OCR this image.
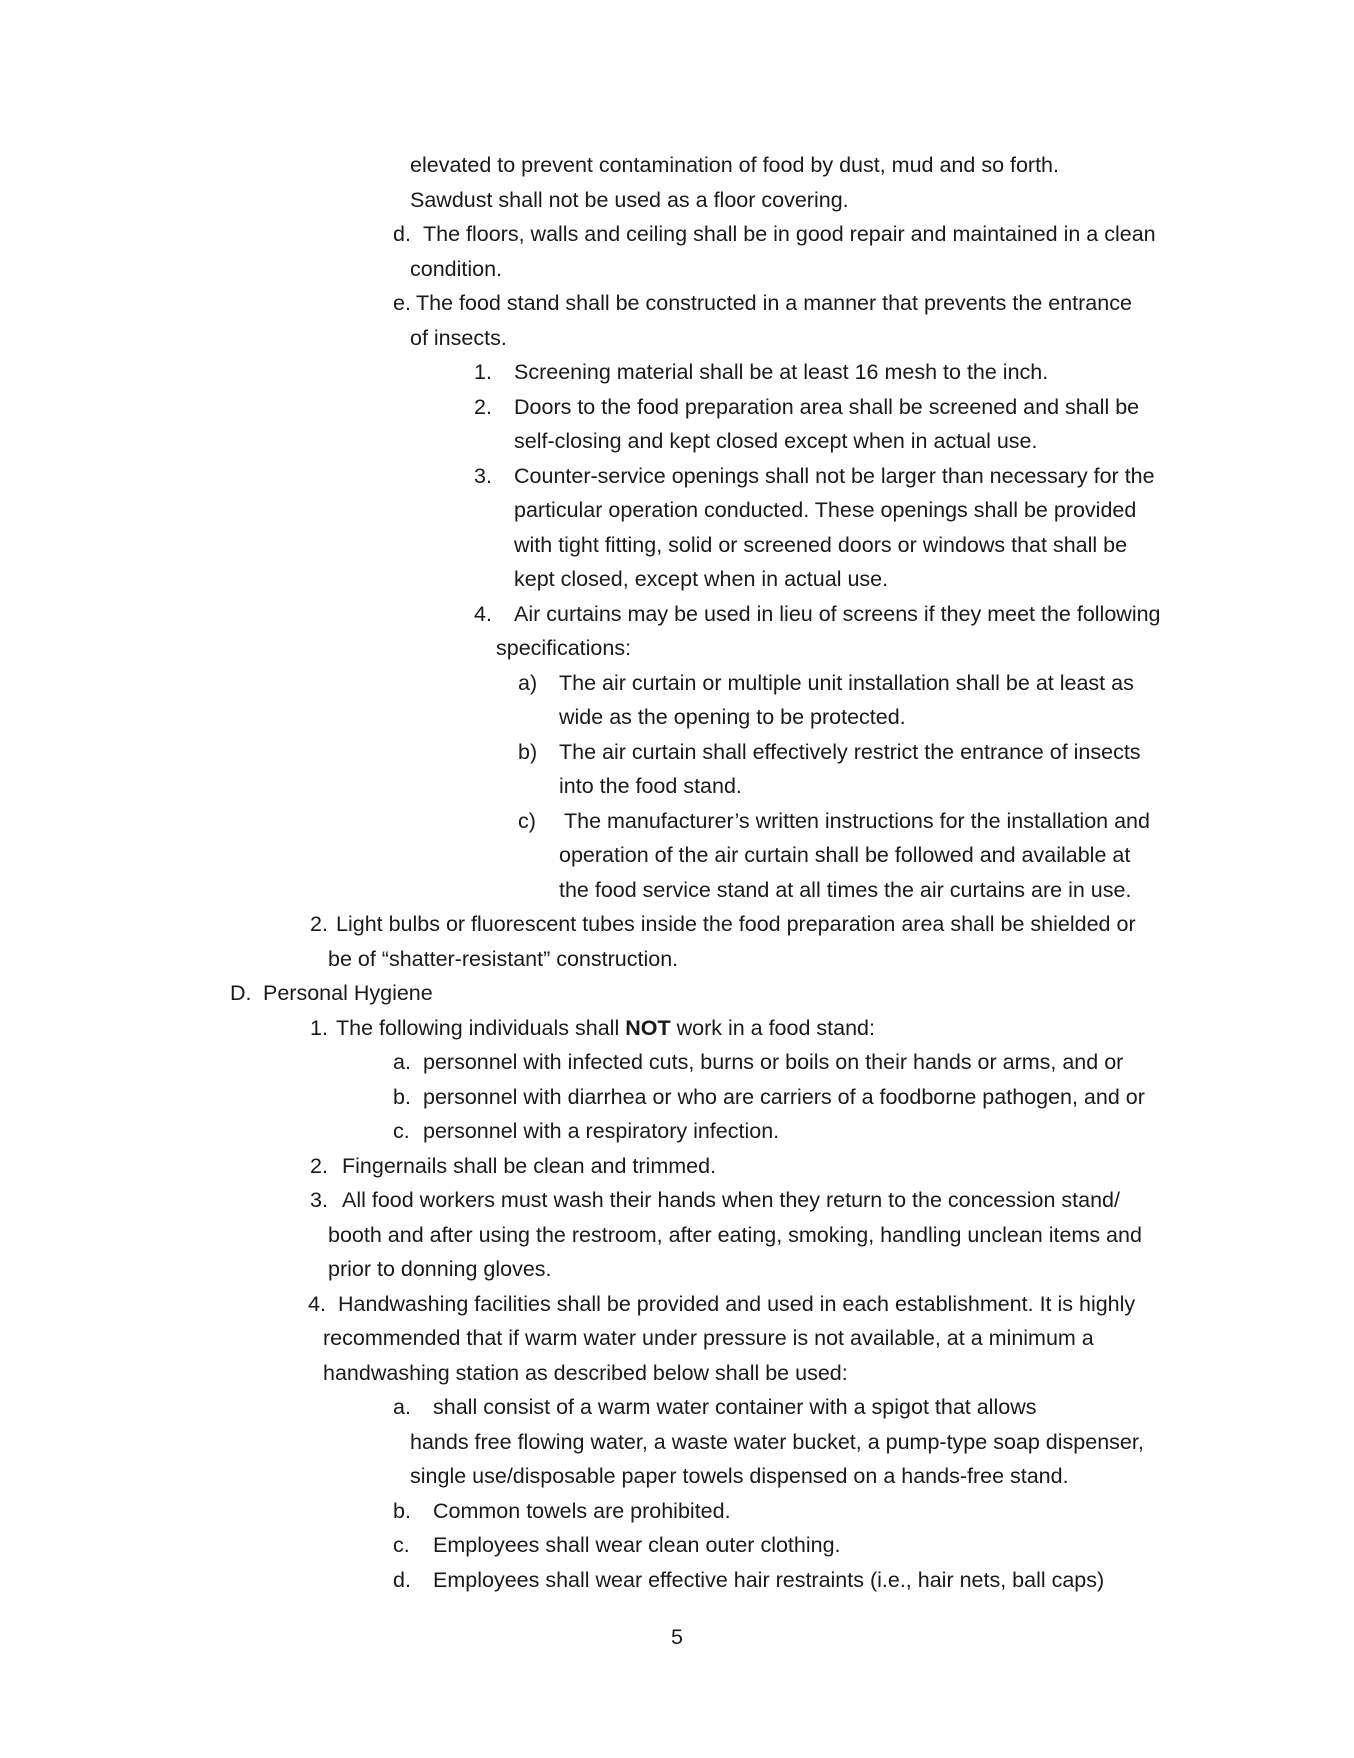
elevated to prevent contamination of food by dust, mud and so forth.
Sawdust shall not be used as a floor covering.
d. The floors, walls and ceiling shall be in good repair and maintained in a clean
condition.
e. The food stand shall be constructed in a manner that prevents the entrance
of insects.
1. Screening material shall be at least 16 mesh to the inch.
2. Doors to the food preparation area shall be screened and shall be
self-closing and kept closed except when in actual use.
3. Counter-service openings shall not be larger than necessary for the
particular operation conducted. These openings shall be provided
with tight fitting, solid or screened doors or windows that shall be
kept closed, except when in actual use.
4. Air curtains may be used in lieu of screens if they meet the following
specifications:
a) The air curtain or multiple unit installation shall be at least as
wide as the opening to be protected.
b) The air curtain shall effectively restrict the entrance of insects
into the food stand.
c) The manufacturer’s written instructions for the installation and
operation of the air curtain shall be followed and available at
the food service stand at all times the air curtains are in use.
2. Light bulbs or fluorescent tubes inside the food preparation area shall be shielded or
be of “shatter-resistant” construction.
D. Personal Hygiene
1. The following individuals shall NOT work in a food stand:
a. personnel with infected cuts, burns or boils on their hands or arms, and or
b. personnel with diarrhea or who are carriers of a foodborne pathogen, and or
c. personnel with a respiratory infection.
2. Fingernails shall be clean and trimmed.
3. All food workers must wash their hands when they return to the concession stand/
booth and after using the restroom, after eating, smoking, handling unclean items and
prior to donning gloves.
4. Handwashing facilities shall be provided and used in each establishment. It is highly
recommended that if warm water under pressure is not available, at a minimum a
handwashing station as described below shall be used:
a. shall consist of a warm water container with a spigot that allows
hands free flowing water, a waste water bucket, a pump-type soap dispenser,
single use/disposable paper towels dispensed on a hands-free stand.
b. Common towels are prohibited.
c. Employees shall wear clean outer clothing.
d. Employees shall wear effective hair restraints (i.e., hair nets, ball caps)
5
